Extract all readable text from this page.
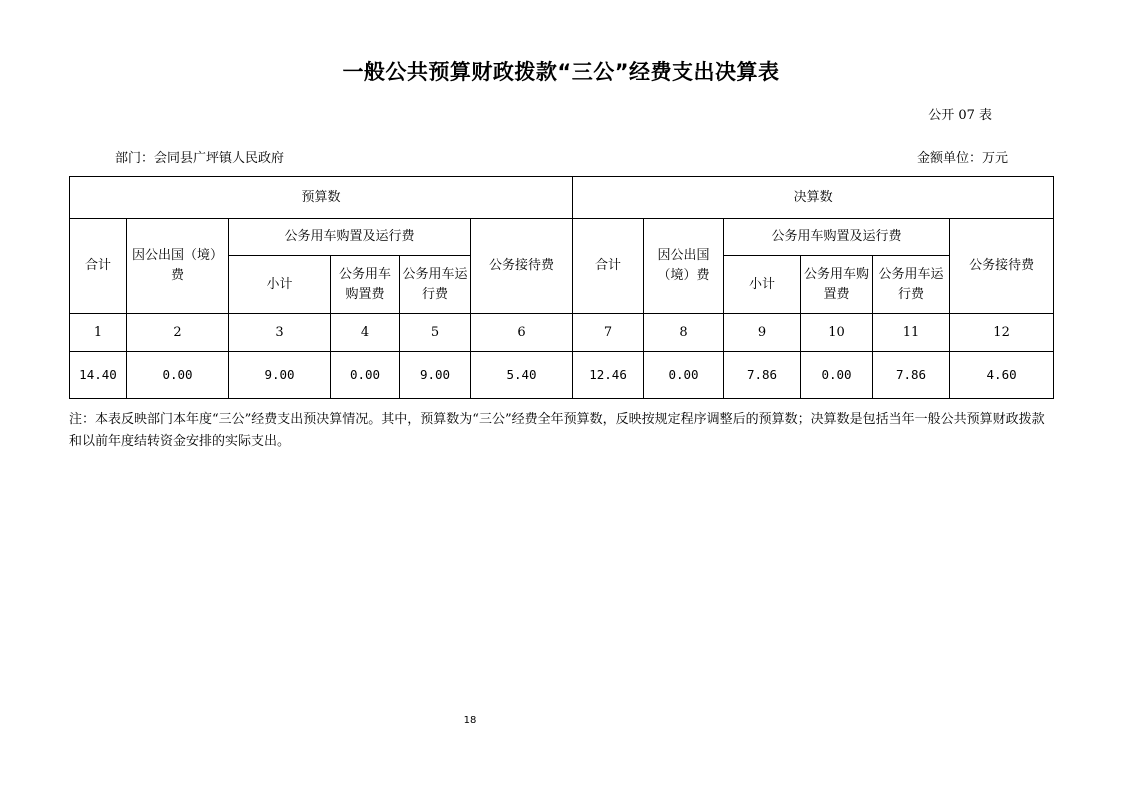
一般公共预算财政拨款“三公”经费支出决算表
公开 07 表
部门：会同县广坪镇人民政府	金额单位：万元
预算数						决算数					
合计	因公出国（境）费	公务用车购置及运行费			公务接待费	合计	因公出国（境）费	公务用车购置及运行费			公务接待费
		小计	公务用车购置费	公务用车运行费				小计	公务用车购置费	公务用车运行费	
1	2	3	4	5	6	7	8	9	10	11	12
14.40	0.00	9.00	0.00	9.00	5.40	12.46	0.00	7.86	0.00	7.86	4.60
注：本表反映部门本年度“三公”经费支出预决算情况。其中，预算数为“三公”经费全年预算数，反映按规定程序调整后的预算数；决算数是包括当年一般公共预算财政拨款和以前年度结转资金安排的实际支出。
18
